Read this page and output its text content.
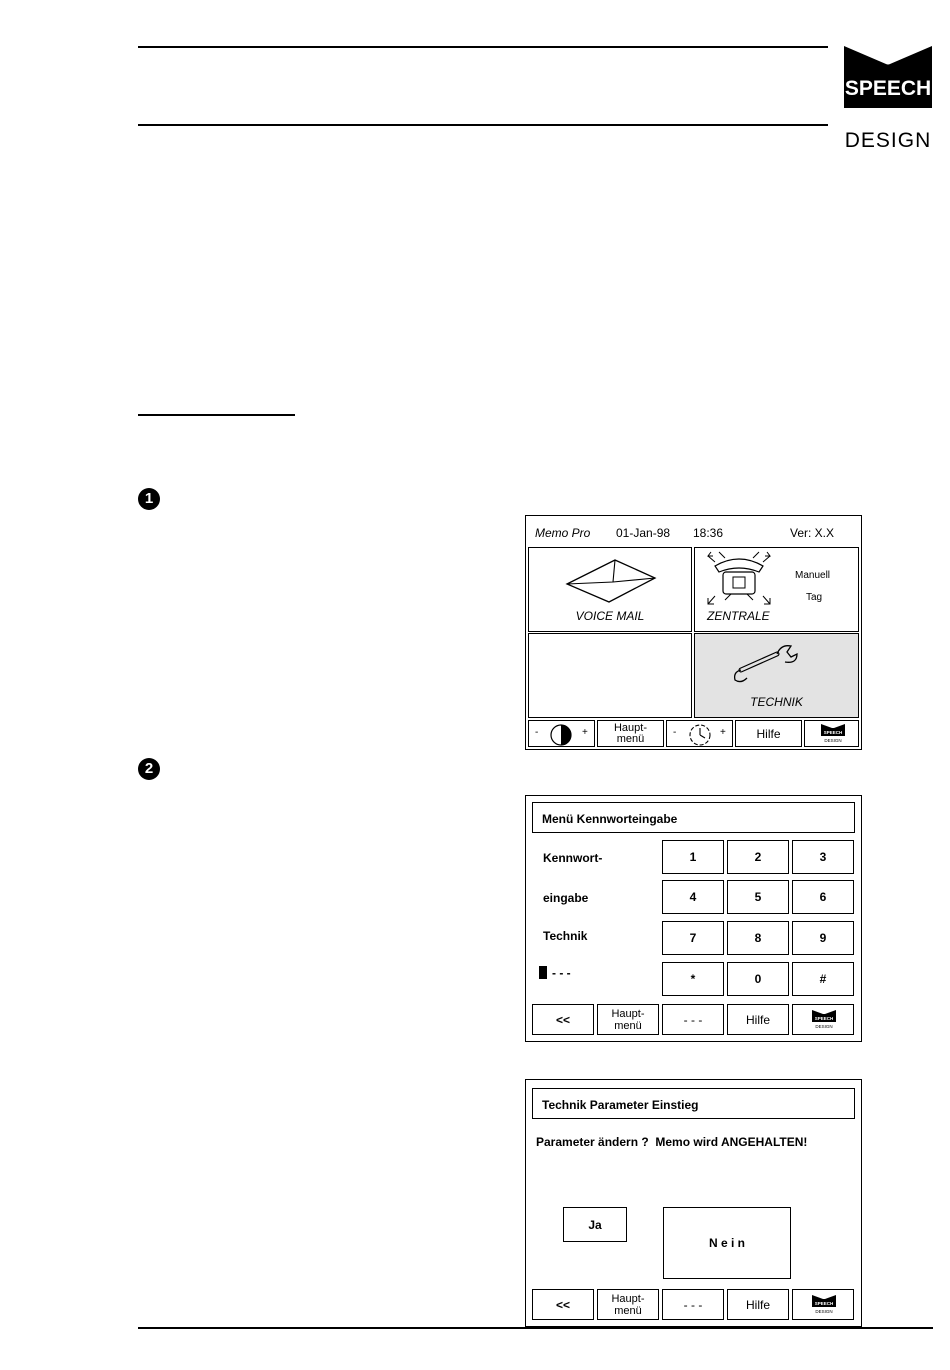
SPEECH
DESIGN
1
2
Memo Pro 01-Jan-98 18:36	Ver: X.X
VOICE MAIL	ZENTRALE
Manuell
Tag
TECHNIK
-	+ Haupt-
menü	-	+	Hilfe	SPEECH
DESIGN
Menü Kennworteingabe
Kennwort-
eingabe
Technik
- - -
1	2	3
4	5	6
7	8	9
*	0	#
<<	Haupt-
menü	- - -	Hilfe	SPEECH
DESIGN
Technik Parameter Einstieg
Parameter ändern ?  Memo wird ANGEHALTEN!
Ja
N e i n
<<	Haupt-
menü	- - -	Hilfe	SPEECH
DESIGN
